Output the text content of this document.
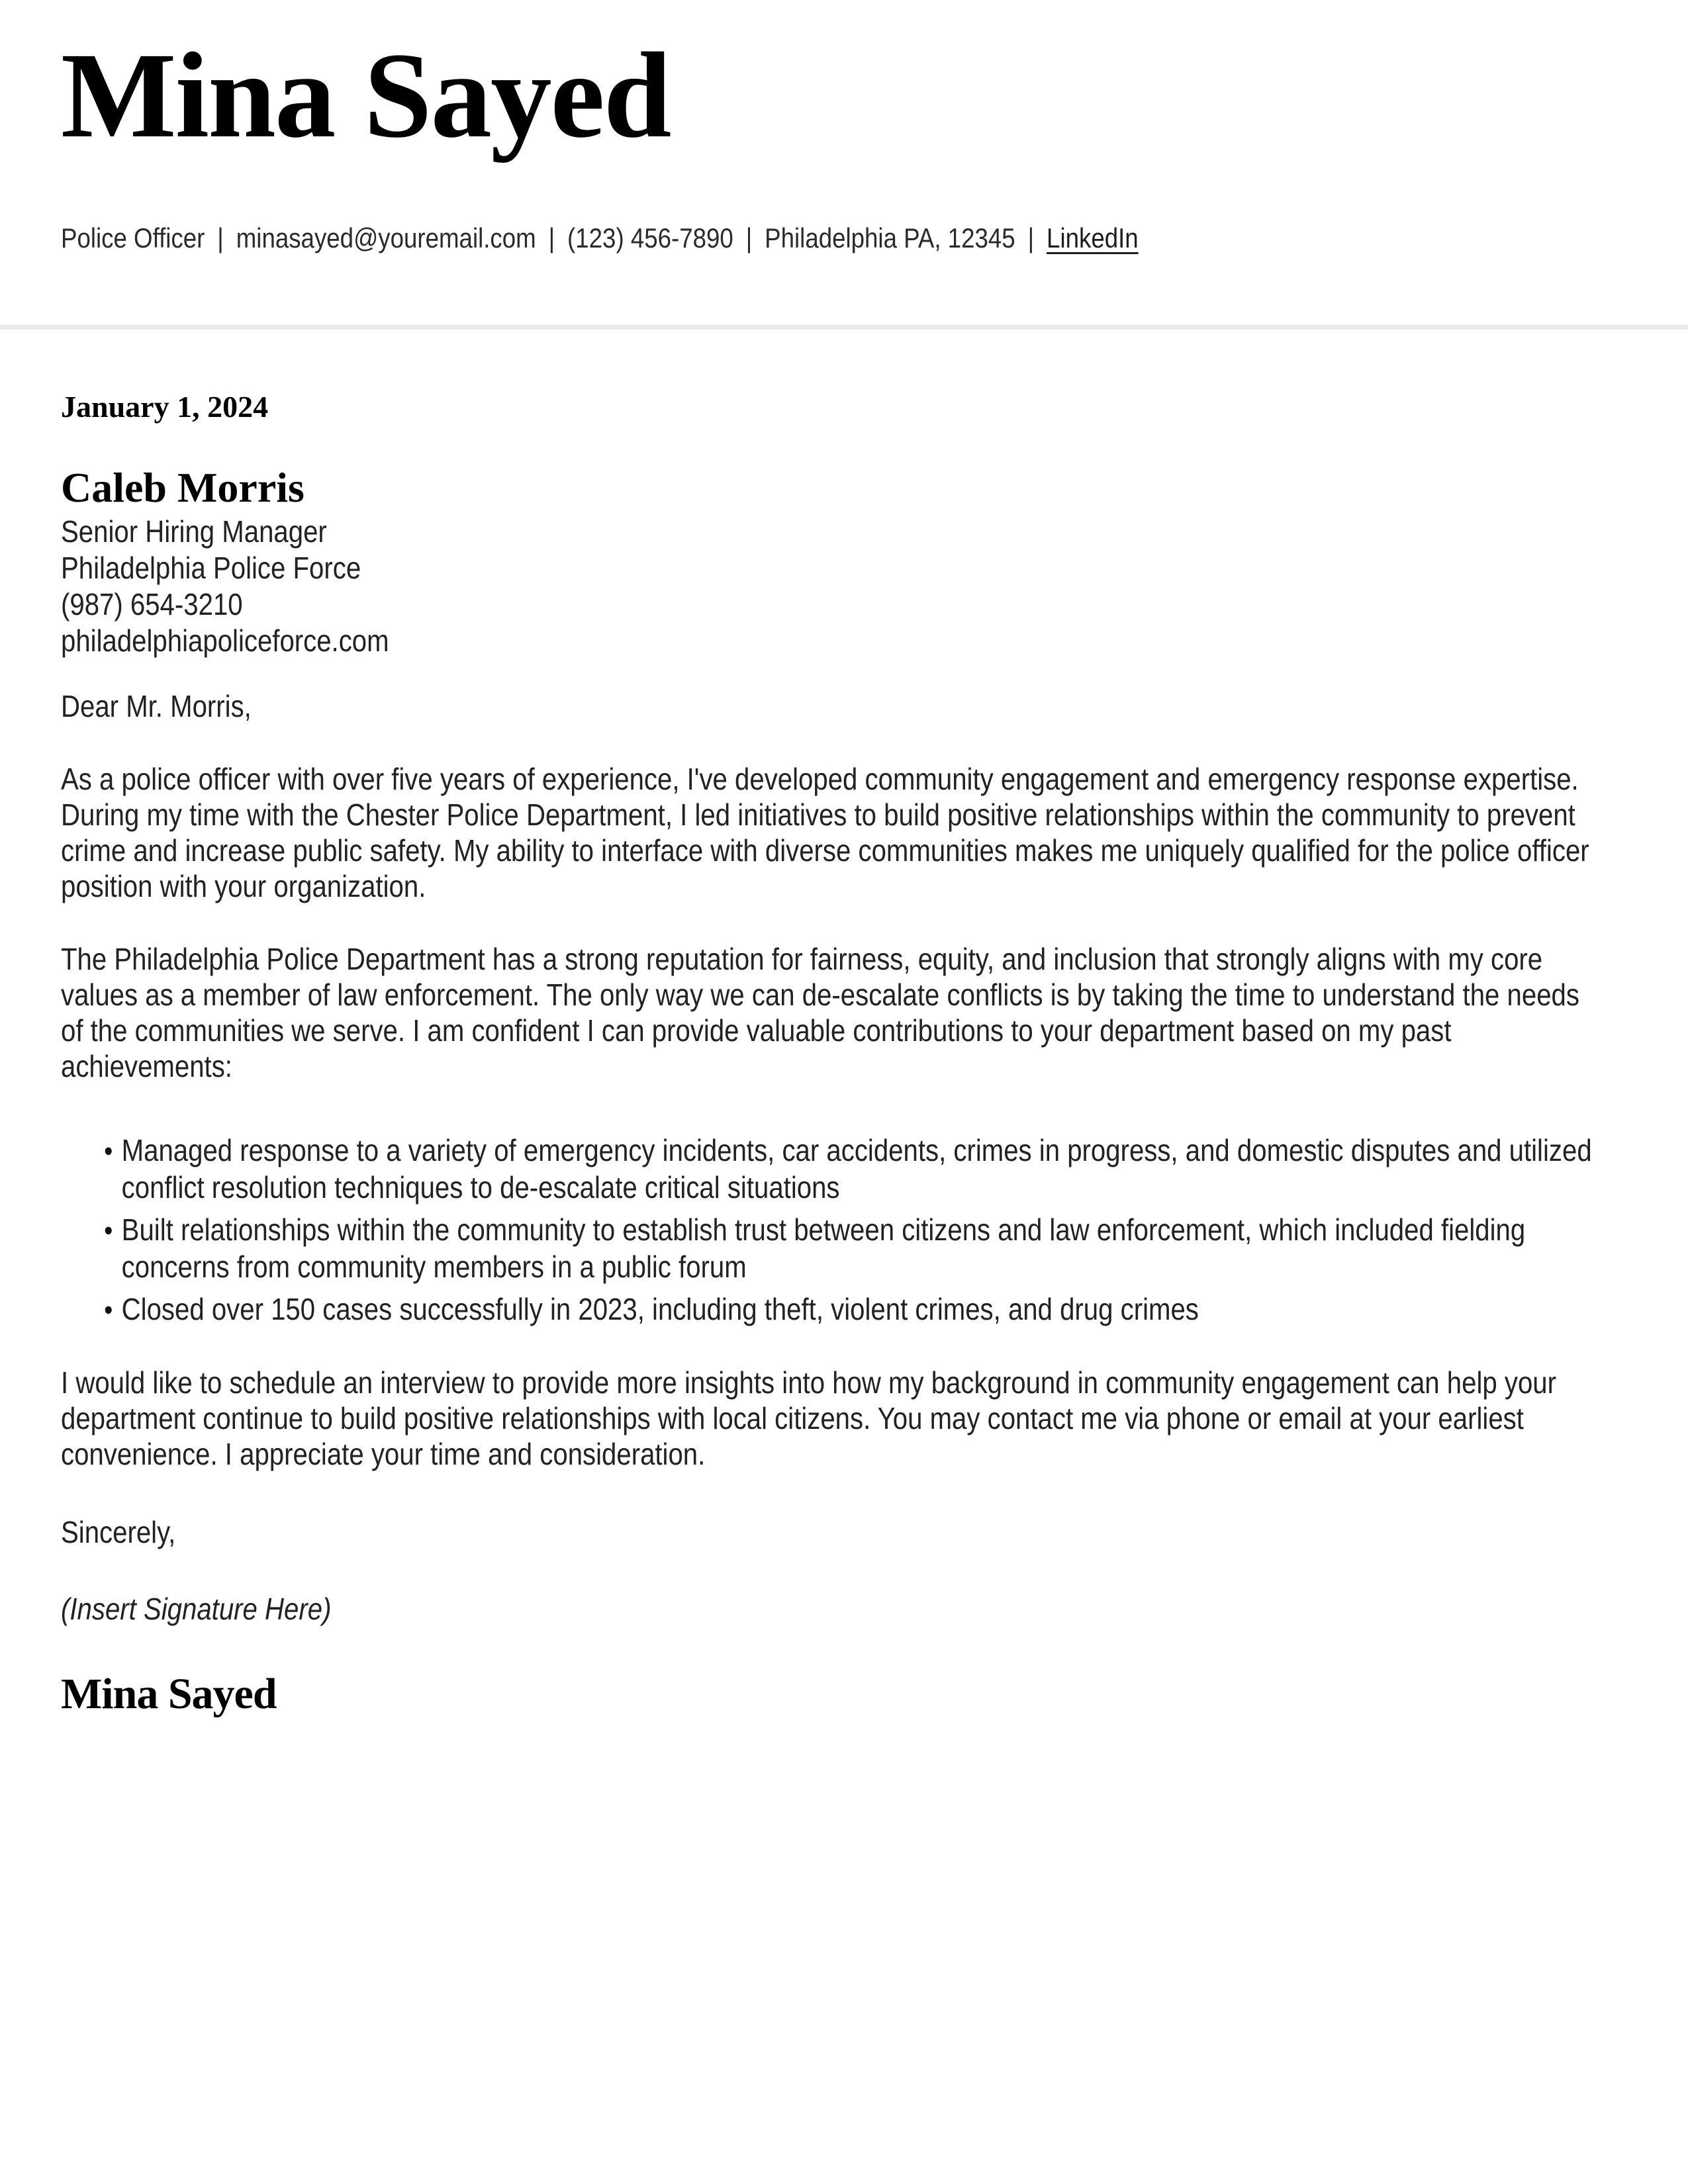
Mina Sayed
Police Officer | minasayed@youremail.com | (123) 456-7890 | Philadelphia PA, 12345 | LinkedIn

January 1, 2024

Caleb Morris
Senior Hiring Manager
Philadelphia Police Force
(987) 654-3210
philadelphiapoliceforce.com

Dear Mr. Morris,

As a police officer with over five years of experience, I've developed community engagement and emergency response expertise. During my time with the Chester Police Department, I led initiatives to build positive relationships within the community to prevent crime and increase public safety. My ability to interface with diverse communities makes me uniquely qualified for the police officer position with your organization.

The Philadelphia Police Department has a strong reputation for fairness, equity, and inclusion that strongly aligns with my core values as a member of law enforcement. The only way we can de-escalate conflicts is by taking the time to understand the needs of the communities we serve. I am confident I can provide valuable contributions to your department based on my past achievements:

● Managed response to a variety of emergency incidents, car accidents, crimes in progress, and domestic disputes and utilized conflict resolution techniques to de-escalate critical situations
● Built relationships within the community to establish trust between citizens and law enforcement, which included fielding concerns from community members in a public forum
● Closed over 150 cases successfully in 2023, including theft, violent crimes, and drug crimes

I would like to schedule an interview to provide more insights into how my background in community engagement can help your department continue to build positive relationships with local citizens. You may contact me via phone or email at your earliest convenience. I appreciate your time and consideration.

Sincerely,

(Insert Signature Here)

Mina Sayed
